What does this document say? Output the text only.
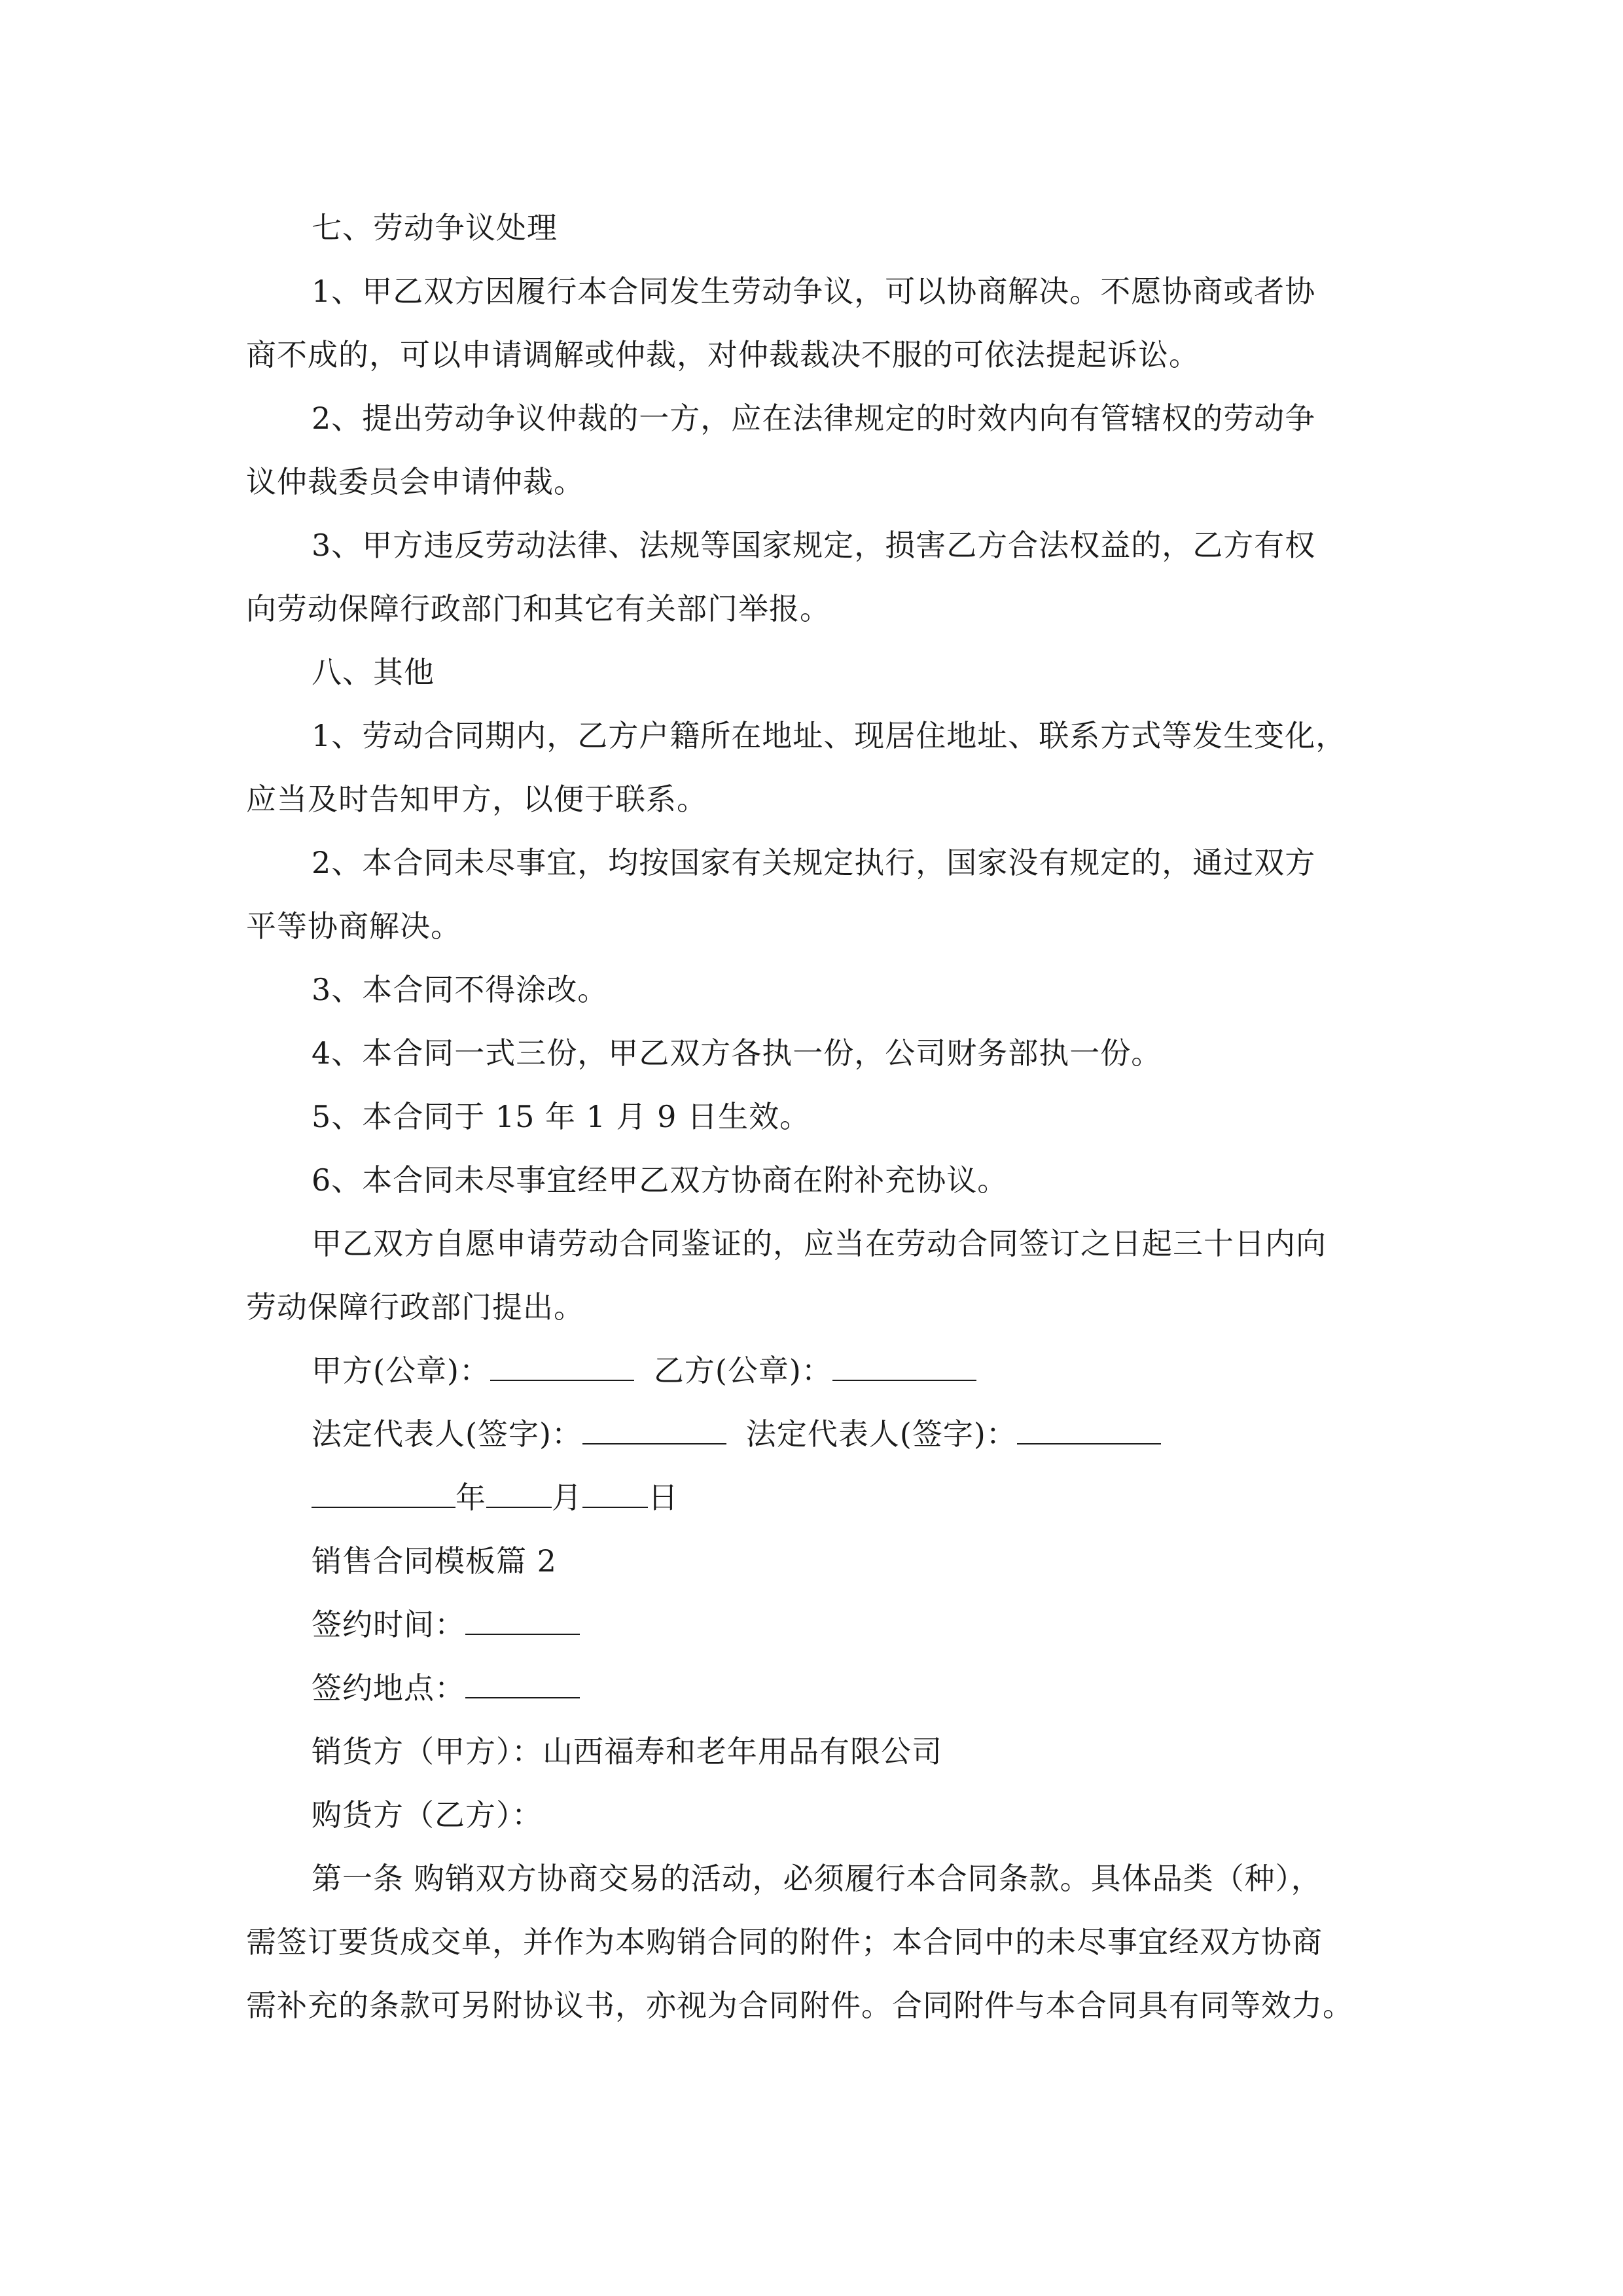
七、劳动争议处理
1、甲乙双方因履行本合同发生劳动争议，可以协商解决。不愿协商或者协
商不成的，可以申请调解或仲裁，对仲裁裁决不服的可依法提起诉讼。
2、提出劳动争议仲裁的一方，应在法律规定的时效内向有管辖权的劳动争
议仲裁委员会申请仲裁。
3、甲方违反劳动法律、法规等国家规定，损害乙方合法权益的，乙方有权
向劳动保障行政部门和其它有关部门举报。
八、其他
1、劳动合同期内，乙方户籍所在地址、现居住地址、联系方式等发生变化，
应当及时告知甲方，以便于联系。
2、本合同未尽事宜，均按国家有关规定执行，国家没有规定的，通过双方
平等协商解决。
3、本合同不得涂改。
4、本合同一式三份，甲乙双方各执一份，公司财务部执一份。
5、本合同于 15 年 1 月 9 日生效。
6、本合同未尽事宜经甲乙双方协商在附补充协议。
甲乙双方自愿申请劳动合同鉴证的，应当在劳动合同签订之日起三十日内向
劳动保障行政部门提出。
甲方(公章)：	乙方(公章)：
法定代表人(签字)：	法定代表人(签字)：
年 月 日
销售合同模板篇 2
签约时间：
签约地点：
销货方（甲方）：山西福寿和老年用品有限公司
购货方（乙方）：
第一条 购销双方协商交易的活动，必须履行本合同条款。具体品类（种），
需签订要货成交单，并作为本购销合同的附件；本合同中的未尽事宜经双方协商
需补充的条款可另附协议书，亦视为合同附件。合同附件与本合同具有同等效力。
